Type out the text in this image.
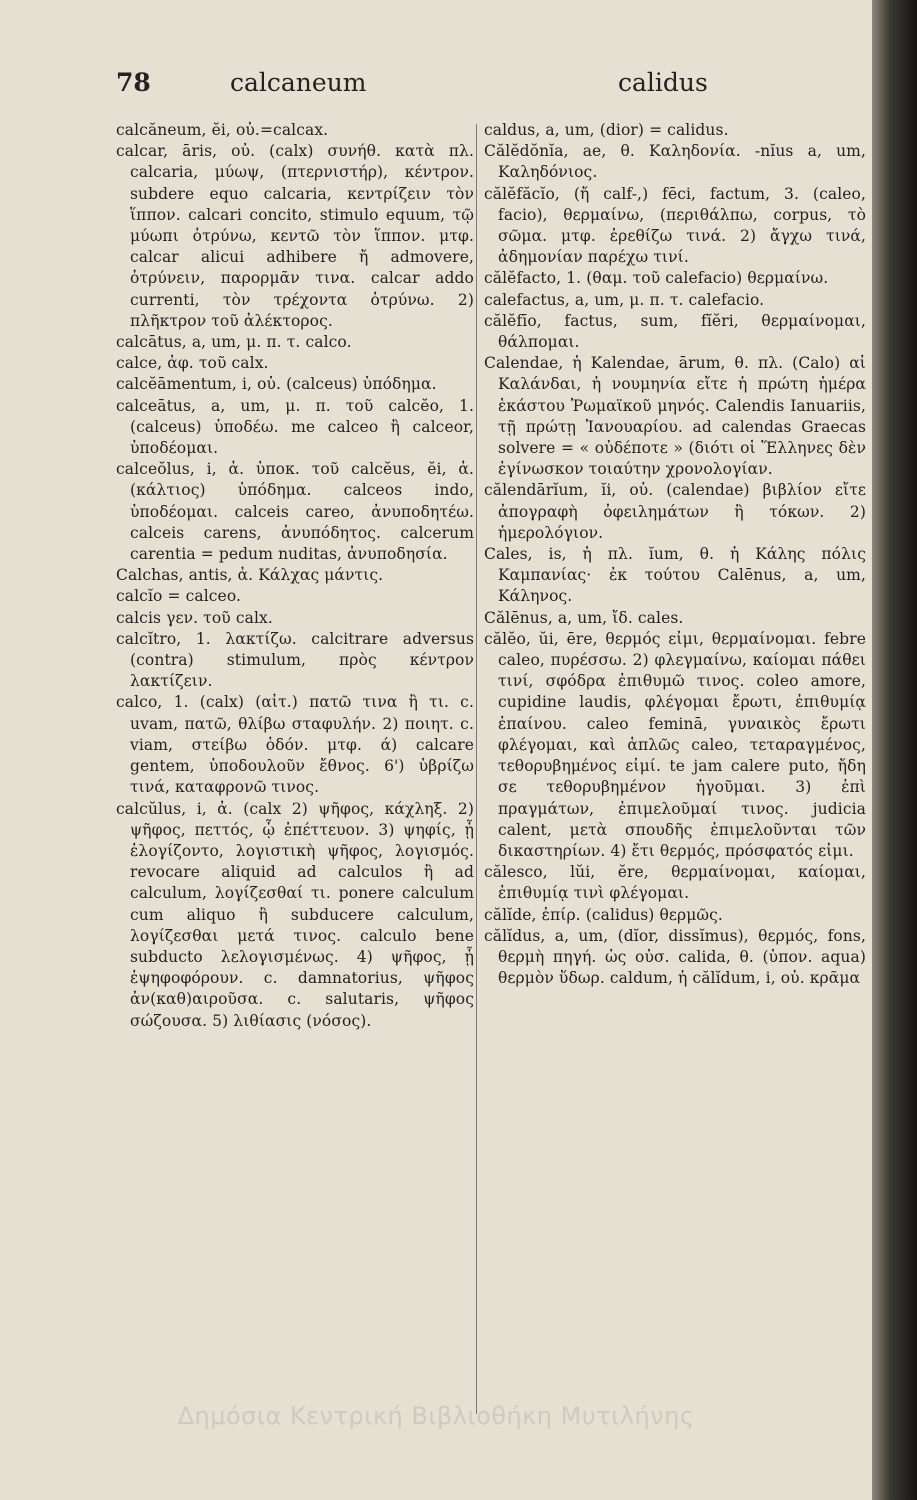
78	calcaneum	calidus

calcăneum, ĕi, οὐ.=calcax.

calcar, āris, οὐ. (calx) συνήθ. κατὰ πλ. calcaria, μύωψ, (πτερνιστήρ), κέντρον. subdere equo calcaria, κεντρίζειν τὸν ἵππον. calcari concito, stimulo equum, τῷ μύωπι ὀτρύνω, κεντῶ τὸν ἵππον. μτφ. calcar alicui adhibere ἤ admovere, ὀτρύνειν, παρορμᾶν τινα. calcar addo currenti, τὸν τρέχοντα ὀτρύνω. 2) πλῆκτρον τοῦ ἀλέκτορος.

calcātus, a, um, μ. π. τ. calco.

calce, ἀφ. τοῦ calx.

calcĕāmentum, i, οὐ. (calceus) ὑπόδημα.

calceātus, a, um, μ. π. τοῦ calcĕo, 1. (calceus) ὑποδέω. me calceo ἢ calceor, ὑποδέομαι.

calceŏlus, i, ἀ. ὑποκ. τοῦ calcĕus, ĕi, ἀ. (κάλτιος) ὑπόδημα. calceos indo, ὑποδέομαι. calceis careo, ἀνυποδητέω. calceis carens, ἀνυπόδητος. calcerum carentia = pedum nuditas, ἀνυποδησία.

Calchas, antis, ἀ. Κάλχας μάντις.

calcĭo = calceo.

calcis γεν. τοῦ calx.

calcĭtro, 1. λακτίζω. calcitrare adversus (contra) stimulum, πρὸς κέντρον λακτίζειν.

calco, 1. (calx) (αἰτ.) πατῶ τινα ἢ τι. c. uvam, πατῶ, θλίβω σταφυλήν. 2) ποιητ. c. viam, στείβω ὁδόν. μτφ. ά) calcare gentem, ὑποδουλοῦν ἔθνος. 6') ὑβρίζω τινά, καταφρονῶ τινος.

calcŭlus, i, ἀ. (calx 2) ψῆφος, κάχληξ. 2) ψῆφος, πεττός, ᾧ ἐπέττευον. 3) ψηφίς, ᾗ ἐλογίζοντο, λογιστικὴ ψῆφος, λογισμός. revocare aliquid ad calculos ἢ ad calculum, λογίζεσθαί τι. ponere calculum cum aliquo ἢ subducere calculum, λογίζεσθαι μετά τινος. calculo bene subducto λελογισμένως. 4) ψῆφος, ᾗ ἐψηφοφόρουν. c. damnatorius, ψῆφος ἀν(καθ)αιροῦσα. c. salutaris, ψῆφος σώζουσα. 5) λιθίασις (νόσος).

caldus, a, um, (dior) = calidus.

Călĕdŏnĭa, ae, θ. Καληδονία. -nĭus a, um, Καληδόνιος.

călĕfăcĭo, (ἤ calf-,) fēci, factum, 3. (caleo, facio), θερμαίνω, (περιθάλπω, corpus, τὸ σῶμα. μτφ. ἐρεθίζω τινά. 2) ἄγχω τινά, ἀδημονίαν παρέχω τινί.

călĕfacto, 1. (θαμ. τοῦ calefacio) θερμαίνω.

calefactus, a, um, μ. π. τ. calefacio.

călĕfīo, factus, sum, fĭĕri, θερμαίνομαι, θάλπομαι.

Calendae, ἡ Kalendae, ārum, θ. πλ. (Calo) αἱ Καλάνδαι, ἡ νουμηνία εἴτε ἡ πρώτη ἡμέρα ἑκάστου Ῥωμαϊκοῦ μηνός. Calendis Ianuariis, τῇ πρώτῃ Ἰανουαρίου. ad calendas Graecas solvere = « οὐδέποτε » (διότι οἱ Ἕλληνες δὲν ἐγίνωσκον τοιαύτην χρονολογίαν.

călendārĭum, ĭi, οὐ. (calendae) βιβλίον εἴτε ἀπογραφὴ ὀφειλημάτων ἢ τόκων. 2) ἡμερολόγιον.

Cales, is, ἡ πλ. ĭum, θ. ἡ Κάλης πόλις Καμπανίας· ἐκ τούτου Calēnus, a, um, Κάληνος.

Călēnus, a, um, ἴδ. cales.

călĕo, ŭi, ēre, θερμός εἰμι, θερμαίνομαι. febre caleo, πυρέσσω. 2) φλεγμαίνω, καίομαι πάθει τινί, σφόδρα ἐπιθυμῶ τινος. coleo amore, cupidine laudis, φλέγομαι ἔρωτι, ἐπιθυμίᾳ ἐπαίνου. caleo feminā, γυναικὸς ἔρωτι φλέγομαι, καὶ ἁπλῶς caleo, τεταραγμένος, τεθορυβημένος εἰμί. te jam calere puto, ἤδη σε τεθορυβημένον ἡγοῦμαι. 3) ἐπὶ πραγμάτων, ἐπιμελοῦμαί τινος. judicia calent, μετὰ σπουδῆς ἐπιμελοῦνται τῶν δικαστηρίων. 4) ἔτι θερμός, πρόσφατός εἰμι.

călesco, lŭi, ĕre, θερμαίνομαι, καίομαι, ἐπιθυμίᾳ τινὶ φλέγομαι.

călĭde, ἐπίρ. (calidus) θερμῶς.

călĭdus, a, um, (dĭor, dissĭmus), θερμός, fons, θερμὴ πηγή. ὡς οὐσ. calida, θ. (ὑπον. aqua) θερμὸν ὕδωρ. caldum, ἡ călĭdum, i, οὐ. κρᾶμα

Δημόσια Κεντρική Βιβλιοθήκη Μυτιλήνης
